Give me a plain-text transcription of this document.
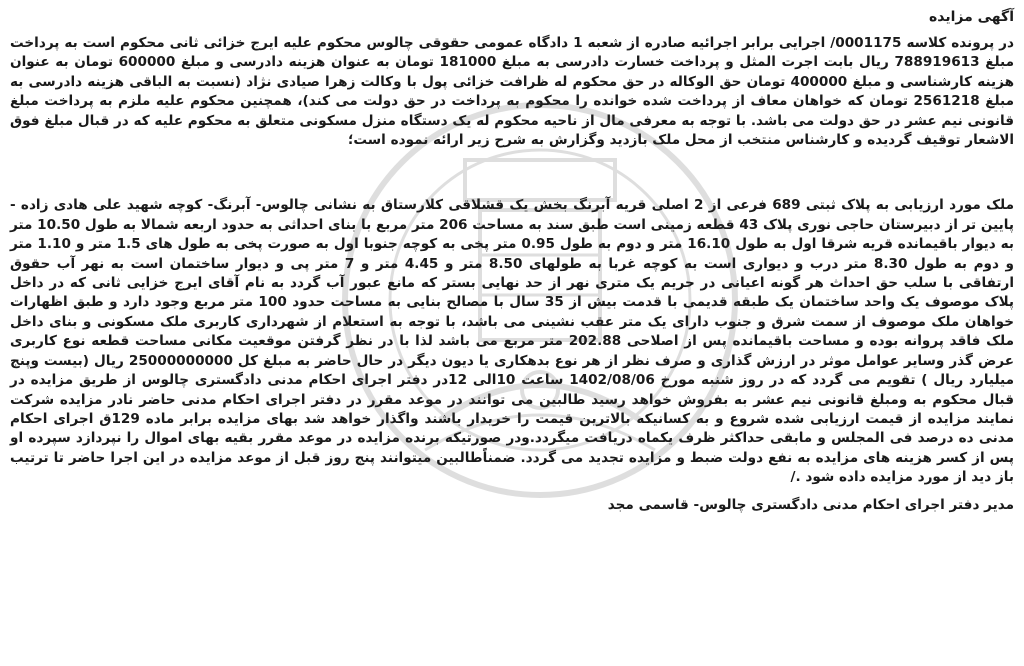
آگهی مزایده

در پرونده کلاسه 0001175/ اجرایی برابر اجرائیه صادره از شعبه 1 دادگاه عمومی حقوقی چالوس محکوم علیه ایرج خزائی ثانی محکوم است به پرداخت مبلغ 788919613 ریال بابت اجرت المثل و پرداخت خسارت دادرسی به مبلغ 181000 تومان به عنوان هزینه دادرسی و مبلغ 600000 تومان به عنوان هزینه کارشناسی و مبلغ 400000 تومان حق الوکاله در حق محکوم له ظرافت خزائی پول با وکالت زهرا صیادی نژاد (نسبت به الباقی هزینه دادرسی به مبلغ 2561218 تومان که خواهان معاف از پرداخت شده خوانده را محکوم به پرداخت در حق دولت می کند)، همچنین محکوم علیه ملزم به پرداخت مبلغ قانونی نیم عشر در حق دولت می باشد. با توجه به معرفی مال از ناحیه محکوم له یک دستگاه منزل مسکونی متعلق به محکوم علیه که در قبال مبلغ فوق الاشعار توقیف گردیده و کارشناس منتخب از محل ملک بازدید وگزارش به شرح زیر ارائه نموده است؛

ملک مورد ارزیابی به پلاک ثبتی 689 فرعی از 2 اصلی قریه آبرنگ بخش یک قشلاقی کلارستاق به نشانی چالوس- آبرنگ- کوچه شهید علی هادی زاده - پایین تر از دبیرستان حاجی نوری پلاک 43 قطعه زمینی است طبق سند به مساحت 206 متر مربع با بنای احداثی به حدود اربعه شمالا به طول 10.50 متر به دیوار باقیمانده قریه شرقا اول به طول 16.10 متر و دوم به طول 0.95 متر پخی به کوچه جنوبا اول به صورت پخی به طول های 1.5 متر و 1.10 متر و دوم به طول 8.30 متر درب و دیواری است به کوچه غربا به طولهای 8.50 متر و 4.45 متر و 7 متر پی و دیوار ساختمان است به نهر آب حقوق ارتفاقی با سلب حق احداث هر گونه اعیانی در حریم یک متری نهر از حد نهایی بستر که مانع عبور آب گردد به نام آقای ایرج خزایی ثانی که در داخل پلاک موصوف یک واحد ساختمان یک طبقه قدیمی با قدمت بیش از 35 سال با مصالح بنایی به مساحت حدود 100 متر مربع وجود دارد و طبق اظهارات خواهان ملک موصوف از سمت شرق و جنوب دارای یک متر عقب نشینی می باشد، با توجه به استعلام از شهرداری کاربری ملک مسکونی و بنای داخل ملک فاقد پروانه بوده و مساحت باقیمانده پس از اصلاحی 202.88 متر مربع می باشد لذا با در نظر گرفتن موقعیت مکانی مساحت قطعه نوع کاربری عرض گذر وسایر عوامل موثر در ارزش گذاری و صرف نظر از هر نوع بدهکاری یا دیون دیگر در حال حاضر به مبلغ کل 25000000000 ریال (بیست وپنج میلیارد ریال ) تقویم می گردد که در روز شنبه مورخ 1402/08/06 ساعت 10الی 12در دفتر اجرای احکام مدنی دادگستری چالوس از طریق مزایده در قبال محکوم به ومبلغ قانونی نیم عشر به بفروش خواهد رسید طالبین می توانند در موعد مقرر در دفتر اجرای احکام مدنی حاضر نادر مزایده شرکت نمایند مزایده از قیمت ارزیابی شده شروع و به کسانیکه بالاترین قیمت را خریدار باشند واگذار خواهد شد بهای مزایده برابر ماده 129ق اجرای احکام مدنی ده درصد فی المجلس و مابقی حداکثر ظرف یکماه دریافت میگردد.ودر صورتیکه برنده مزایده در موعد مقرر بقیه بهای اموال را نپردازد سپرده او پس از کسر هزینه های مزایده به نفع دولت ضبط و مزایده تجدید می گردد. ضمناًطالبین میتوانند پنج روز قبل از موعد مزایده در این اجرا حاضر تا ترتیب باز دید از مورد مزایده داده شود ./

مدیر دفتر اجرای احکام مدنی دادگستری چالوس- قاسمی مجد
